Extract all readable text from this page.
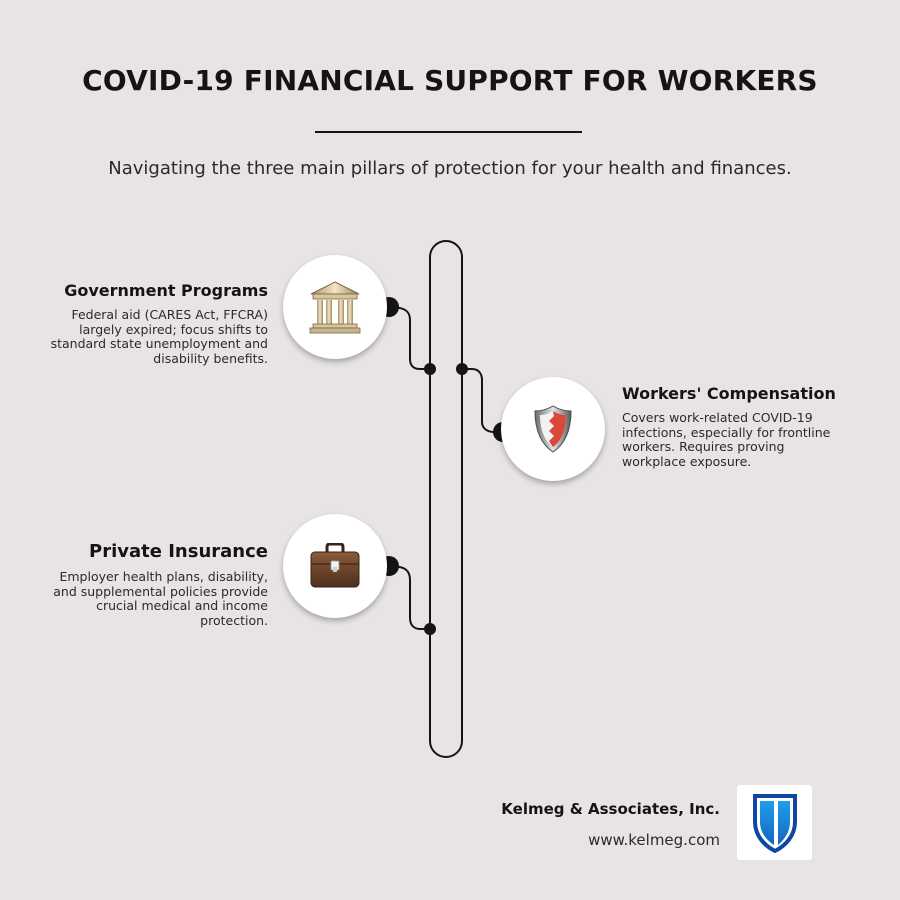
COVID-19 FINANCIAL SUPPORT FOR WORKERS

Navigating the three main pillars of protection for your health and finances.

Government Programs

Federal aid (CARES Act, FFCRA) largely expired; focus shifts to standard state unemployment and disability benefits.

Workers' Compensation

Covers work-related COVID-19 infections, especially for frontline workers. Requires proving workplace exposure.

Private Insurance

Employer health plans, disability, and supplemental policies provide crucial medical and income protection.

Kelmeg & Associates, Inc.
www.kelmeg.com
